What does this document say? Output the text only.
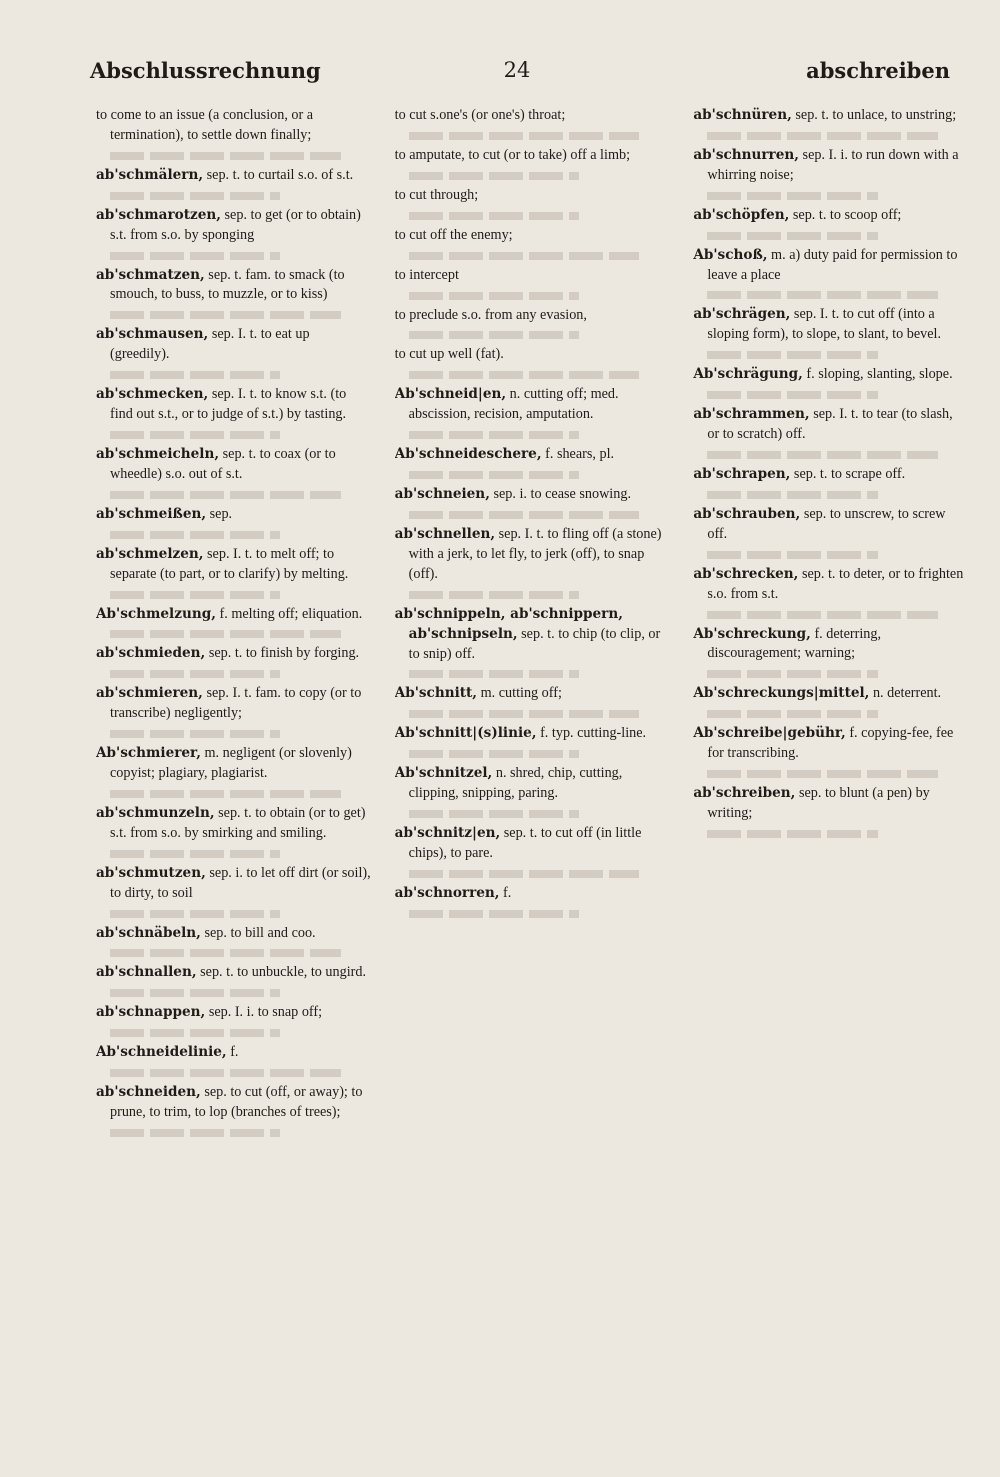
Abschlussrechnung	24	abschreiben

to come to an issue (a conclusion, or a termination), to settle down finally;

ab'schmälern, sep. t. to curtail s.o. of s.t.

ab'schmarotzen, sep. to get (or to obtain) s.t. from s.o. by sponging

ab'schmatzen, sep. t. fam. to smack (to smouch, to buss, to muzzle, or to kiss)

ab'schmausen, sep. I. t. to eat up (greedily).

ab'schmecken, sep. I. t. to know s.t. (to find out s.t., or to judge of s.t.) by tasting.

ab'schmeicheln, sep. t. to coax (or to wheedle) s.o. out of s.t.

ab'schmeißen, sep.

ab'schmelzen, sep. I. t. to melt off; to separate (to part, or to clarify) by melting.

Ab'schmelzung, f. melting off; eliquation.

ab'schmieden, sep. t. to finish by forging.

ab'schmieren, sep. I. t. fam. to copy (or to transcribe) negligently;

Ab'schmierer, m. negligent (or slovenly) copyist; plagiary, plagiarist.

ab'schmunzeln, sep. t. to obtain (or to get) s.t. from s.o. by smirking and smiling.

ab'schmutzen, sep. i. to let off dirt (or soil), to dirty, to soil

ab'schnäbeln, sep. to bill and coo.

ab'schnallen, sep. t. to unbuckle, to ungird.

ab'schnappen, sep. I. i. to snap off;

Ab'schneidelinie, f.

ab'schneiden, sep. to cut (off, or away); to prune, to trim, to lop (branches of trees);

to cut s.one's (or one's) throat;

to amputate, to cut (or to take) off a limb;

to cut through;

to cut off the enemy;

to intercept

to preclude s.o. from any evasion,

to cut up well (fat).

Ab'schneid|en, n. cutting off; med. abscission, recision, amputation.

Ab'schneideschere, f. shears, pl.

ab'schneien, sep. i. to cease snowing.

ab'schnellen, sep. I. t. to fling off (a stone) with a jerk, to let fly, to jerk (off), to snap (off).

ab'schnippeln, ab'schnippern, ab'schnipseln, sep. t. to chip (to clip, or to snip) off.

Ab'schnitt, m. cutting off;

Ab'schnitt|(s)linie, f. typ. cutting-line.

Ab'schnitzel, n. shred, chip, cutting, clipping, snipping, paring.

ab'schnitz|en, sep. t. to cut off (in little chips), to pare.

ab'schnorren, f.

ab'schnüren, sep. t. to unlace, to unstring;

ab'schnurren, sep. I. i. to run down with a whirring noise;

ab'schöpfen, sep. t. to scoop off;

Ab'schoß, m. a) duty paid for permission to leave a place

ab'schrägen, sep. I. t. to cut off (into a sloping form), to slope, to slant, to bevel.

Ab'schrägung, f. sloping, slanting, slope.

ab'schrammen, sep. I. t. to tear (to slash, or to scratch) off.

ab'schrapen, sep. t. to scrape off.

ab'schrauben, sep. to unscrew, to screw off.

ab'schrecken, sep. t. to deter, or to frighten s.o. from s.t.

Ab'schreckung, f. deterring, discouragement; warning;

Ab'schreckungs|mittel, n. deterrent.

Ab'schreibe|gebühr, f. copying-fee, fee for transcribing.

ab'schreiben, sep. to blunt (a pen) by writing;
